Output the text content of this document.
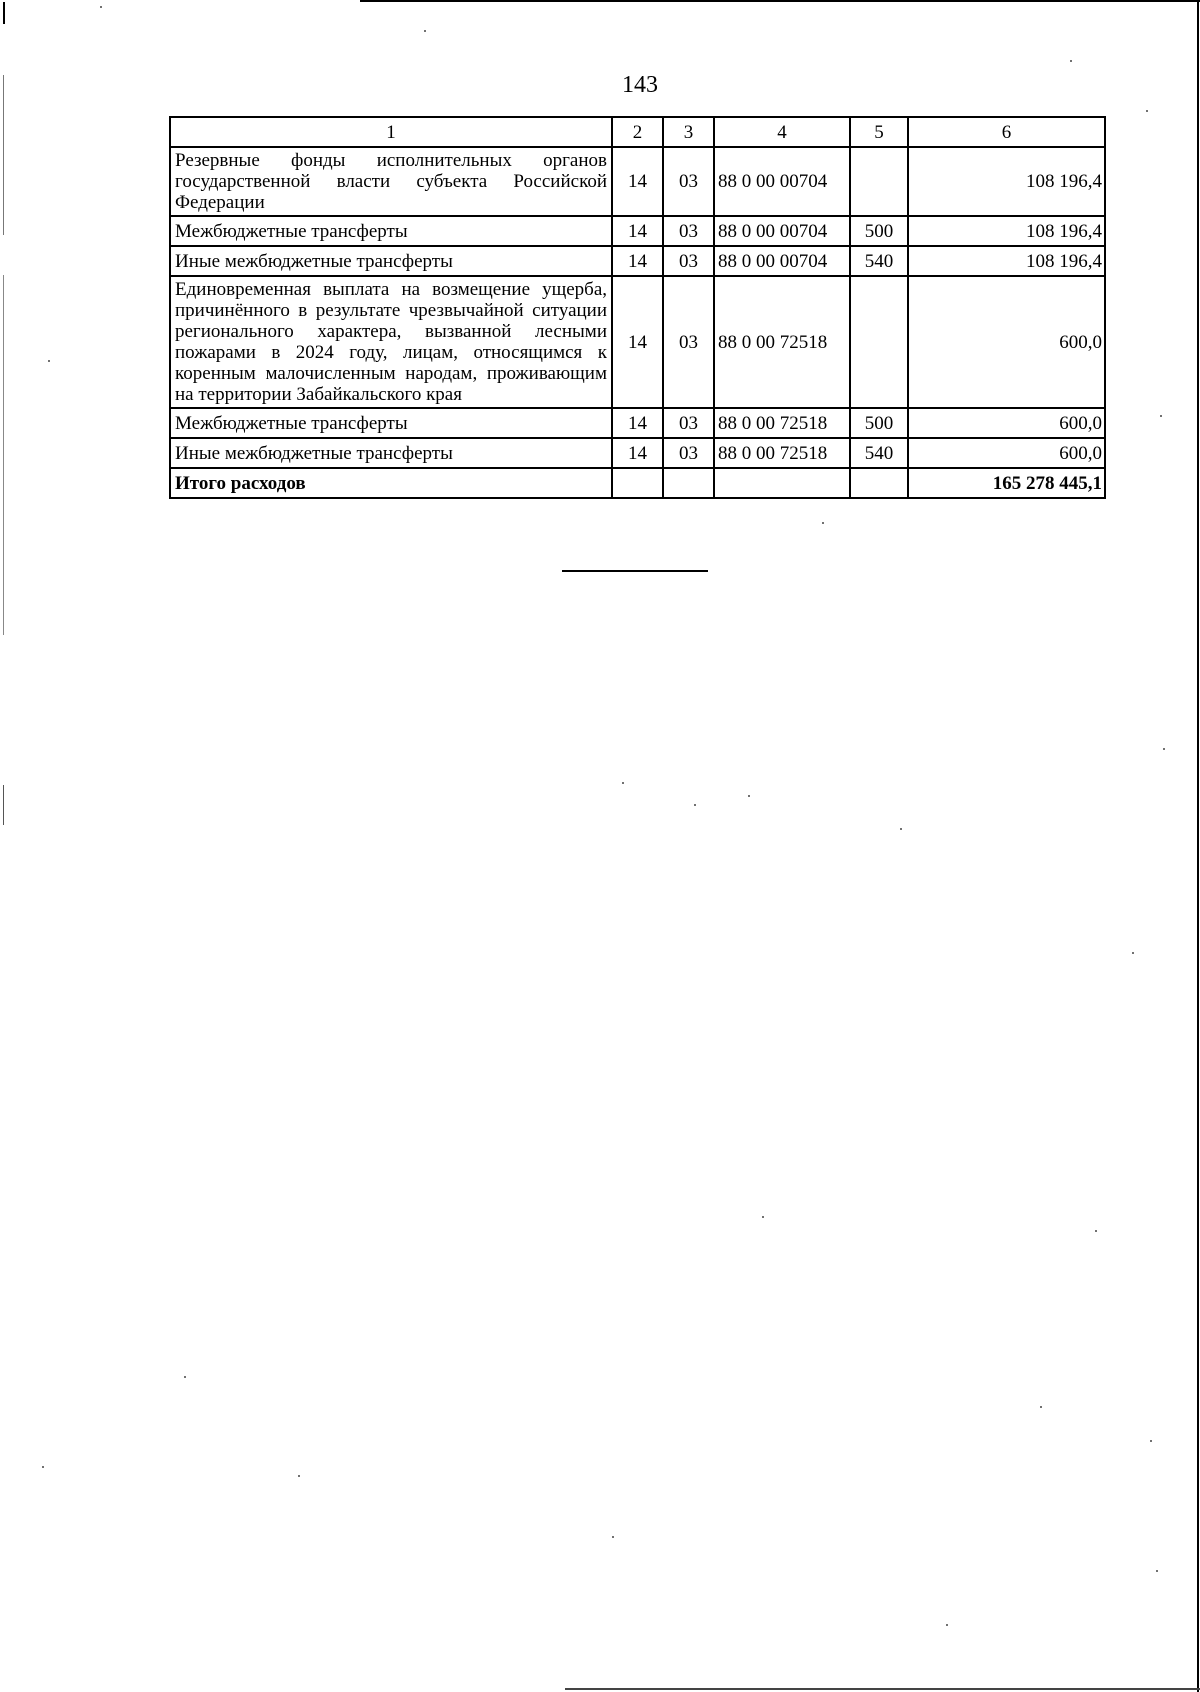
143
1	2	3	4	5	6
Резервные фонды исполнительных органов государственной власти субъекта Российской Федерации	14	03	88 0 00 00704		108 196,4
Межбюджетные трансферты	14	03	88 0 00 00704	500	108 196,4
Иные межбюджетные трансферты	14	03	88 0 00 00704	540	108 196,4
Единовременная выплата на возмещение ущерба, причинённого в результате чрезвычайной ситуации регионального характера, вызванной лесными пожарами в 2024 году, лицам, относящимся к коренным малочисленным народам, проживающим на территории Забайкальского края	14	03	88 0 00 72518		600,0
Межбюджетные трансферты	14	03	88 0 00 72518	500	600,0
Иные межбюджетные трансферты	14	03	88 0 00 72518	540	600,0
Итого расходов					165 278 445,1
